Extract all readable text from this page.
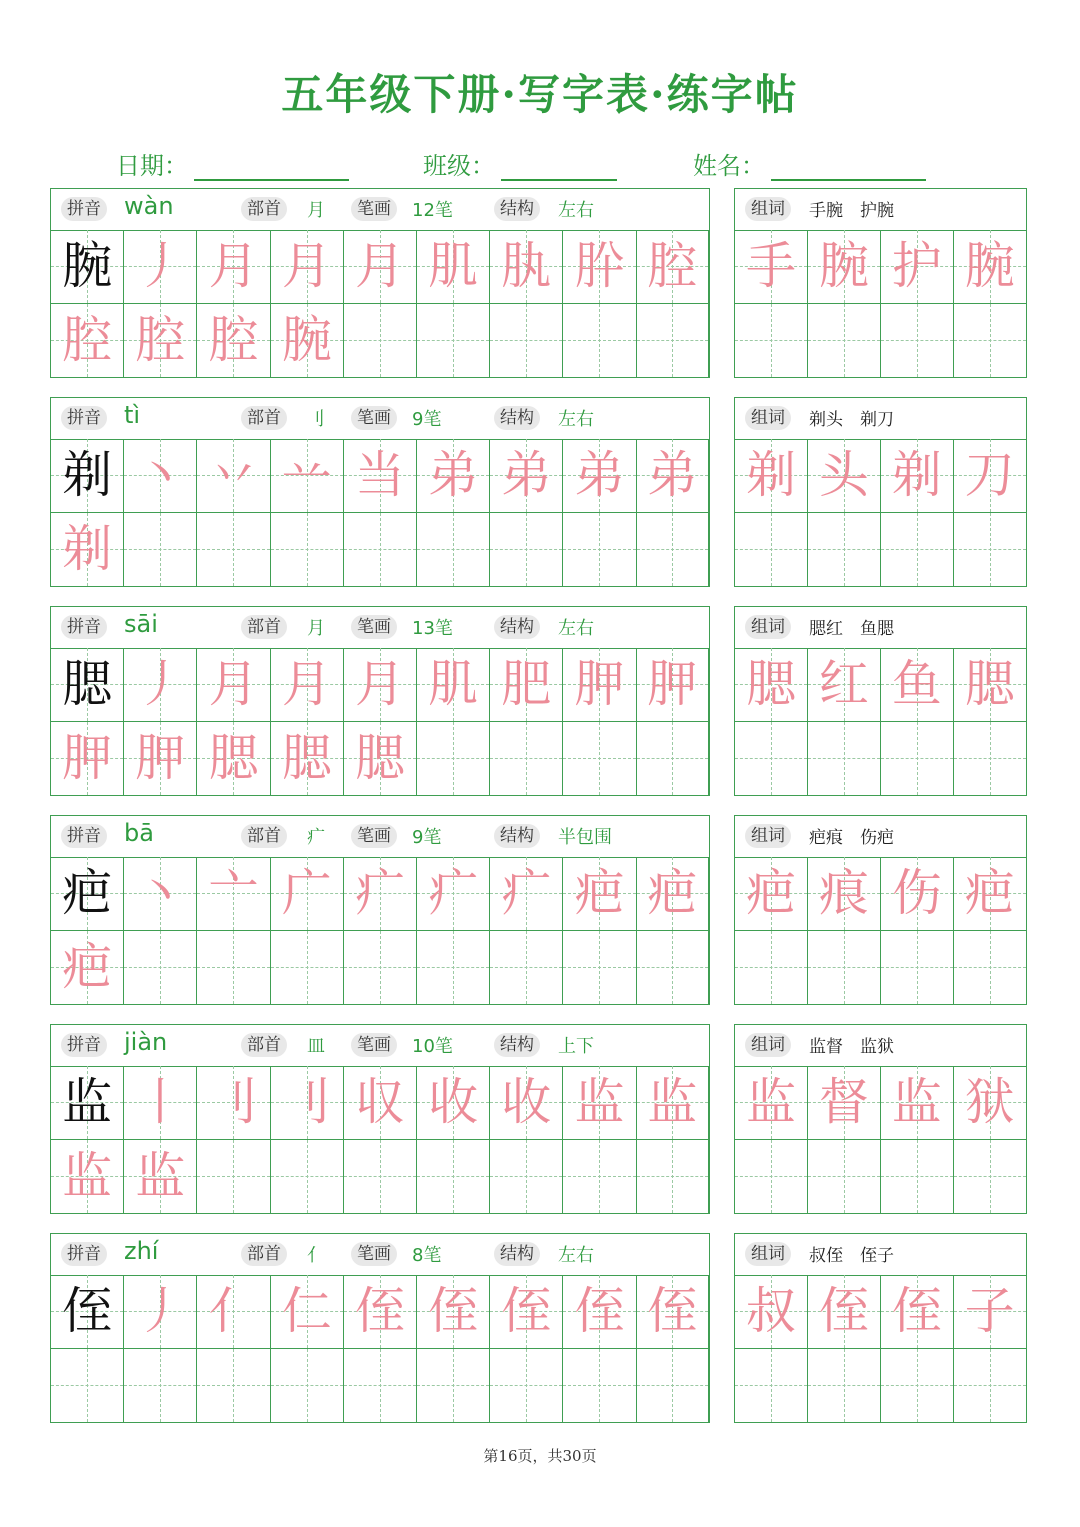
五年级下册·写字表·练字帖
日期：	班级：	姓名：
拼音 wàn	部首	月	笔画	12笔	结构	左右
腕 丿 月 月 月 肌 肒 肸 腔
腔 腔 腔 腕
组词	手腕　护腕
手 腕 护 腕
拼音 tì	部首	刂	笔画	9笔	结构	左右
剃 丶 丷 䒑 当 弟 弟 弟 弟
剃
组词	剃头　剃刀
剃 头 剃 刀
拼音 sāi	部首	月	笔画	13笔	结构	左右
腮 丿 月 月 月 肌 肥 胛 胛
胛 胛 腮 腮 腮
组词	腮红　鱼腮
腮 红 鱼 腮
拼音 bā	部首	疒	笔画	9笔	结构	半包围
疤 丶 亠 广 疒 疒 疒 疤 疤
疤
组词	疤痕　伤疤
疤 痕 伤 疤
拼音 jiàn	部首	皿	笔画	10笔	结构	上下
监 丨 刂 刂 収 收 收 监 监
监 监
组词	监督　监狱
监 督 监 狱
拼音 zhí	部首	亻	笔画	8笔	结构	左右
侄 丿 亻 仁 侄 侄 侄 侄 侄
组词	叔侄　侄子
叔 侄 侄 子
第16页，共30页
